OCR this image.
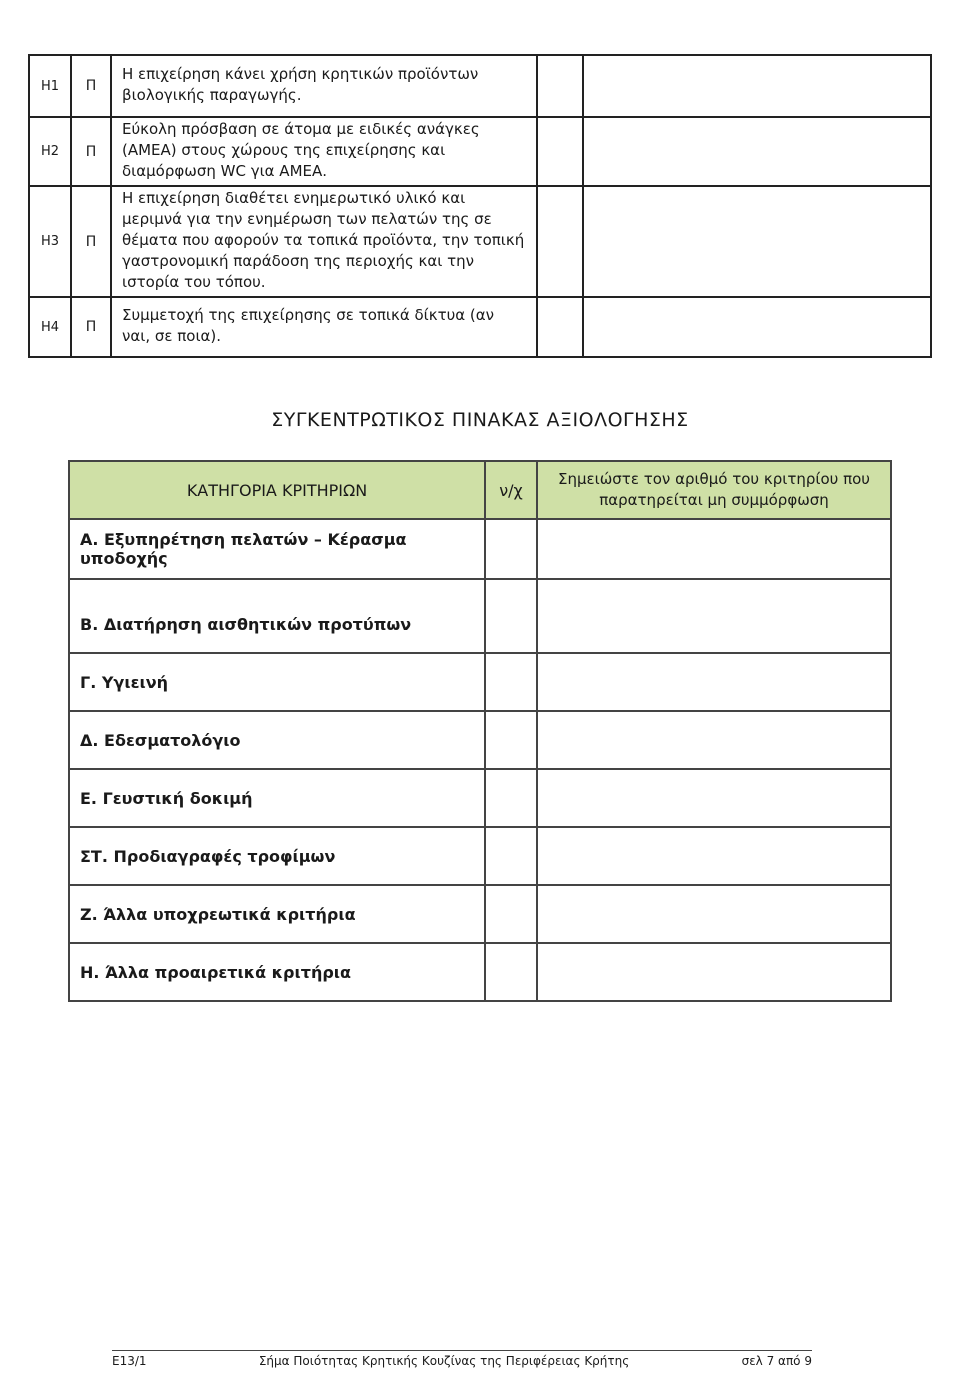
Η1	Π	Η επιχείρηση κάνει χρήση κρητικών προϊόντων βιολογικής παραγωγής.		
Η2	Π	Εύκολη πρόσβαση σε άτομα με ειδικές ανάγκες (ΑΜΕΑ) στους χώρους της επιχείρησης και διαμόρφωση WC για ΑΜΕΑ.		
Η3	Π	Η επιχείρηση διαθέτει ενημερωτικό υλικό και μεριμνά για την ενημέρωση των πελατών της σε θέματα που αφορούν τα τοπικά προϊόντα, την τοπική γαστρονομική παράδοση της περιοχής και την ιστορία του τόπου.		
Η4	Π	Συμμετοχή της επιχείρησης σε τοπικά δίκτυα (αν ναι, σε ποια).		
ΣΥΓΚΕΝΤΡΩΤΙΚΟΣ ΠΙΝΑΚΑΣ ΑΞΙΟΛΟΓΗΣΗΣ
ΚΑΤΗΓΟΡΙΑ ΚΡΙΤΗΡΙΩΝ	ν/χ	Σημειώστε τον αριθμό του κριτηρίου που παρατηρείται μη συμμόρφωση
Α. Εξυπηρέτηση πελατών – Κέρασμα υποδοχής		
Β. Διατήρηση αισθητικών προτύπων		
Γ. Υγιεινή		
Δ. Εδεσματολόγιο		
Ε. Γευστική δοκιμή		
ΣΤ. Προδιαγραφές τροφίμων		
Ζ. Άλλα υποχρεωτικά κριτήρια		
Η. Άλλα προαιρετικά κριτήρια		
Ε13/1	Σήμα Ποιότητας Κρητικής Κουζίνας της Περιφέρειας Κρήτης	σελ 7 από 9
